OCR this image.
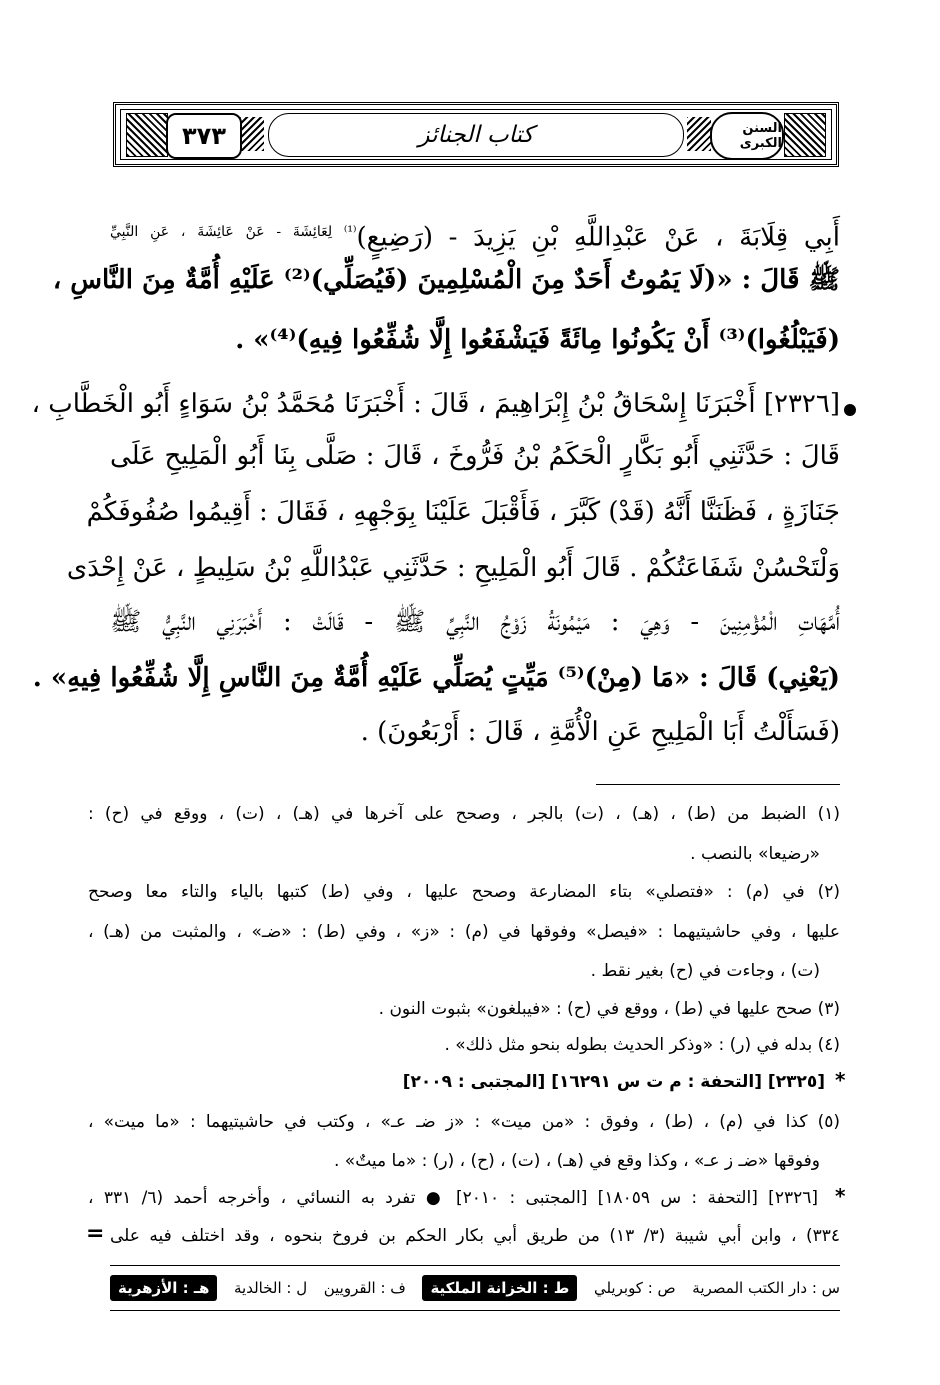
٣٧٣	السنن الكبرى
كتاب الجنائز
أَبِي قِلَابَةَ ، عَنْ عَبْدِاللَّهِ بْنِ يَزِيدَ - (رَضِيعٍ)$^{^{(1)} لِعَائِشَةَ - عَنْ عَائِشَةَ ، عَنِ النَّبِيِّ}$
ﷺ قَالَ : «(لَا يَمُوتُ أَحَدٌ مِنَ الْمُسْلِمِينَ (فَيُصَلِّي)⁽²⁾ عَلَيْهِ أُمَّةٌ مِنَ النَّاسِ ،
(فَيَبْلُغُوا)⁽³⁾ أَنْ يَكُونُوا مِائَةً فَيَشْفَعُوا إِلَّا شُفِّعُوا فِيهِ)⁽⁴⁾» .
[٢٣٢٦] أَخْبَرَنَا إِسْحَاقُ بْنُ إِبْرَاهِيمَ ، قَالَ : أَخْبَرَنَا مُحَمَّدُ بْنُ سَوَاءٍ أَبُو الْخَطَّابِ ،
قَالَ : حَدَّثَنِي أَبُو بَكَّارٍ الْحَكَمُ بْنُ فَرُّوخَ ، قَالَ : صَلَّى بِنَا أَبُو الْمَلِيحِ عَلَى
جَنَازَةٍ ، فَظَنَنَّا أَنَّهُ (قَدْ) كَبَّرَ ، فَأَقْبَلَ عَلَيْنَا بِوَجْهِهِ ، فَقَالَ : أَقِيمُوا صُفُوفَكُمْ
وَلْتَحْسُنْ شَفَاعَتُكُمْ . قَالَ أَبُو الْمَلِيحِ : حَدَّثَنِي عَبْدُاللَّهِ بْنُ سَلِيطٍ ، عَنْ إِحْدَى
أُمَّهَاتِ الْمُؤْمِنِينَ - وَهِيَ : مَيْمُونَةُ زَوْجُ النَّبِيِّ ﷺ - قَالَتْ : أَخْبَرَنِي النَّبِيُّ ﷺ
(يَعْنِي) قَالَ : «مَا (مِنْ)⁽⁵⁾ مَيِّتٍ يُصَلِّي عَلَيْهِ أُمَّةٌ مِنَ النَّاسِ إِلَّا شُفِّعُوا فِيهِ» .
(فَسَأَلْتُ أَبَا الْمَلِيحِ عَنِ الْأُمَّةِ ، قَالَ : أَرْبَعُونَ) .
(١) الضبط من (ط) ، (هـ) ، (ت) بالجر ، وصحح على آخرها في (هـ) ، (ت) ، ووقع في (ح) :
«رضيعا» بالنصب .
(٢) في (م) : «فتصلي» بتاء المضارعة وصحح عليها ، وفي (ط) كتبها بالياء والتاء معا وصحح
عليها ، وفي حاشيتيهما : «فيصل» وفوقها في (م) : «ز» ، وفي (ط) : «ضـ» ، والمثبت من (هـ) ،
(ت) ، وجاءت في (ح) بغير نقط .
(٣) صحح عليها في (ط) ، ووقع في (ح) : «فيبلغون» بثبوت النون .
(٤) بدله في (ر) : «وذكر الحديث بطوله بنحو مثل ذلك» .
*
[٢٣٢٥] [التحفة : م ت س ١٦٢٩١] [المجتبى : ٢٠٠٩]
(٥) كذا في (م) ، (ط) ، وفوق : «من ميت» : «ز ضـ عـ» ، وكتب في حاشيتيهما : «ما ميت» ،
وفوقها «ضـ ز عـ» ، وكذا وقع في (هـ) ، (ت) ، (ح) ، (ر) : «ما ميتٌ» .
*
[٢٣٢٦] [التحفة : س ١٨٠٥٩] [المجتبى : ٢٠١٠] ● تفرد به النسائي ، وأخرجه أحمد (٦/ ٣٣١ ،
٣٣٤) ، وابن أبي شيبة (٣/ ١٣) من طريق أبي بكار الحكم بن فروخ بنحوه ، وقد اختلف فيه على
=
س : دار الكتب المصرية
ص : كوبريلي
ط : الخزانة الملكية
ف : القرويين
ل : الخالدية
هـ : الأزهرية
